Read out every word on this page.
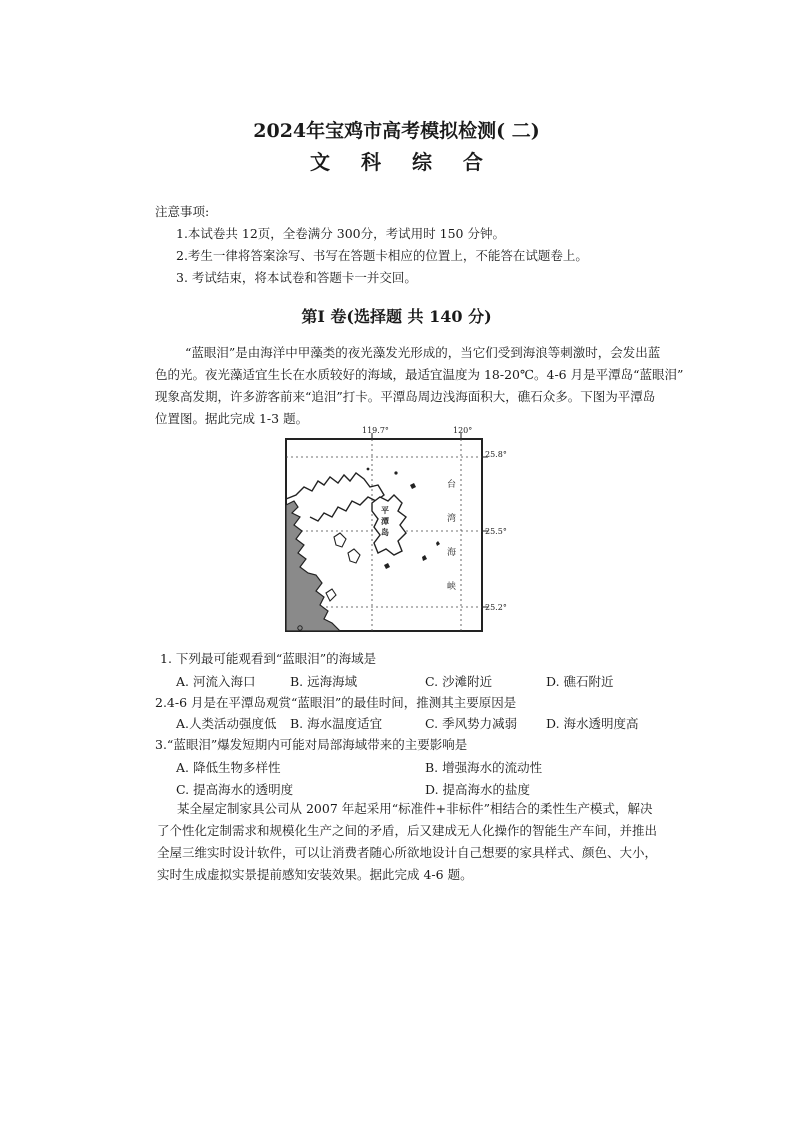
2024年宝鸡市高考模拟检测( 二)
文 科 综 合
注意事项:
1.本试卷共 12页，全卷满分 300分，考试用时 150 分钟。
2.考生一律将答案涂写、书写在答题卡相应的位置上，不能答在试题卷上。
3. 考试结束，将本试卷和答题卡一并交回。
第Ⅰ 卷(选择题 共 140 分)
“蓝眼泪”是由海洋中甲藻类的夜光藻发光形成的，当它们受到海浪等刺激时，会发出蓝
色的光。夜光藻适宜生长在水质较好的海域，最适宜温度为 18-20℃。4-6 月是平潭岛“蓝眼泪”
现象高发期，许多游客前来“追泪”打卡。平潭岛周边浅海面积大，礁石众多。下图为平潭岛
位置图。据此完成 1-3 题。
119.7°	120°
25.8°
25.5°
25.2°
平
潭
岛
台
湾
海
峡
1. 下列最可能观看到“蓝眼泪”的海域是
A. 河流入海口	B. 远海海域	C. 沙滩附近	D. 礁石附近
2.4-6 月是在平潭岛观赏“蓝眼泪”的最佳时间，推测其主要原因是
A.人类活动强度低 B. 海水温度适宜	C. 季风势力减弱 D. 海水透明度高
3.“蓝眼泪”爆发短期内可能对局部海域带来的主要影响是
A. 降低生物多样性	B. 增强海水的流动性
C. 提高海水的透明度	D. 提高海水的盐度
某全屋定制家具公司从 2007 年起采用“标准件+非标件”相结合的柔性生产模式，解决
了个性化定制需求和规模化生产之间的矛盾，后又建成无人化操作的智能生产车间，并推出
全屋三维实时设计软件，可以让消费者随心所欲地设计自己想要的家具样式、颜色、大小，
实时生成虚拟实景提前感知安装效果。据此完成 4-6 题。
